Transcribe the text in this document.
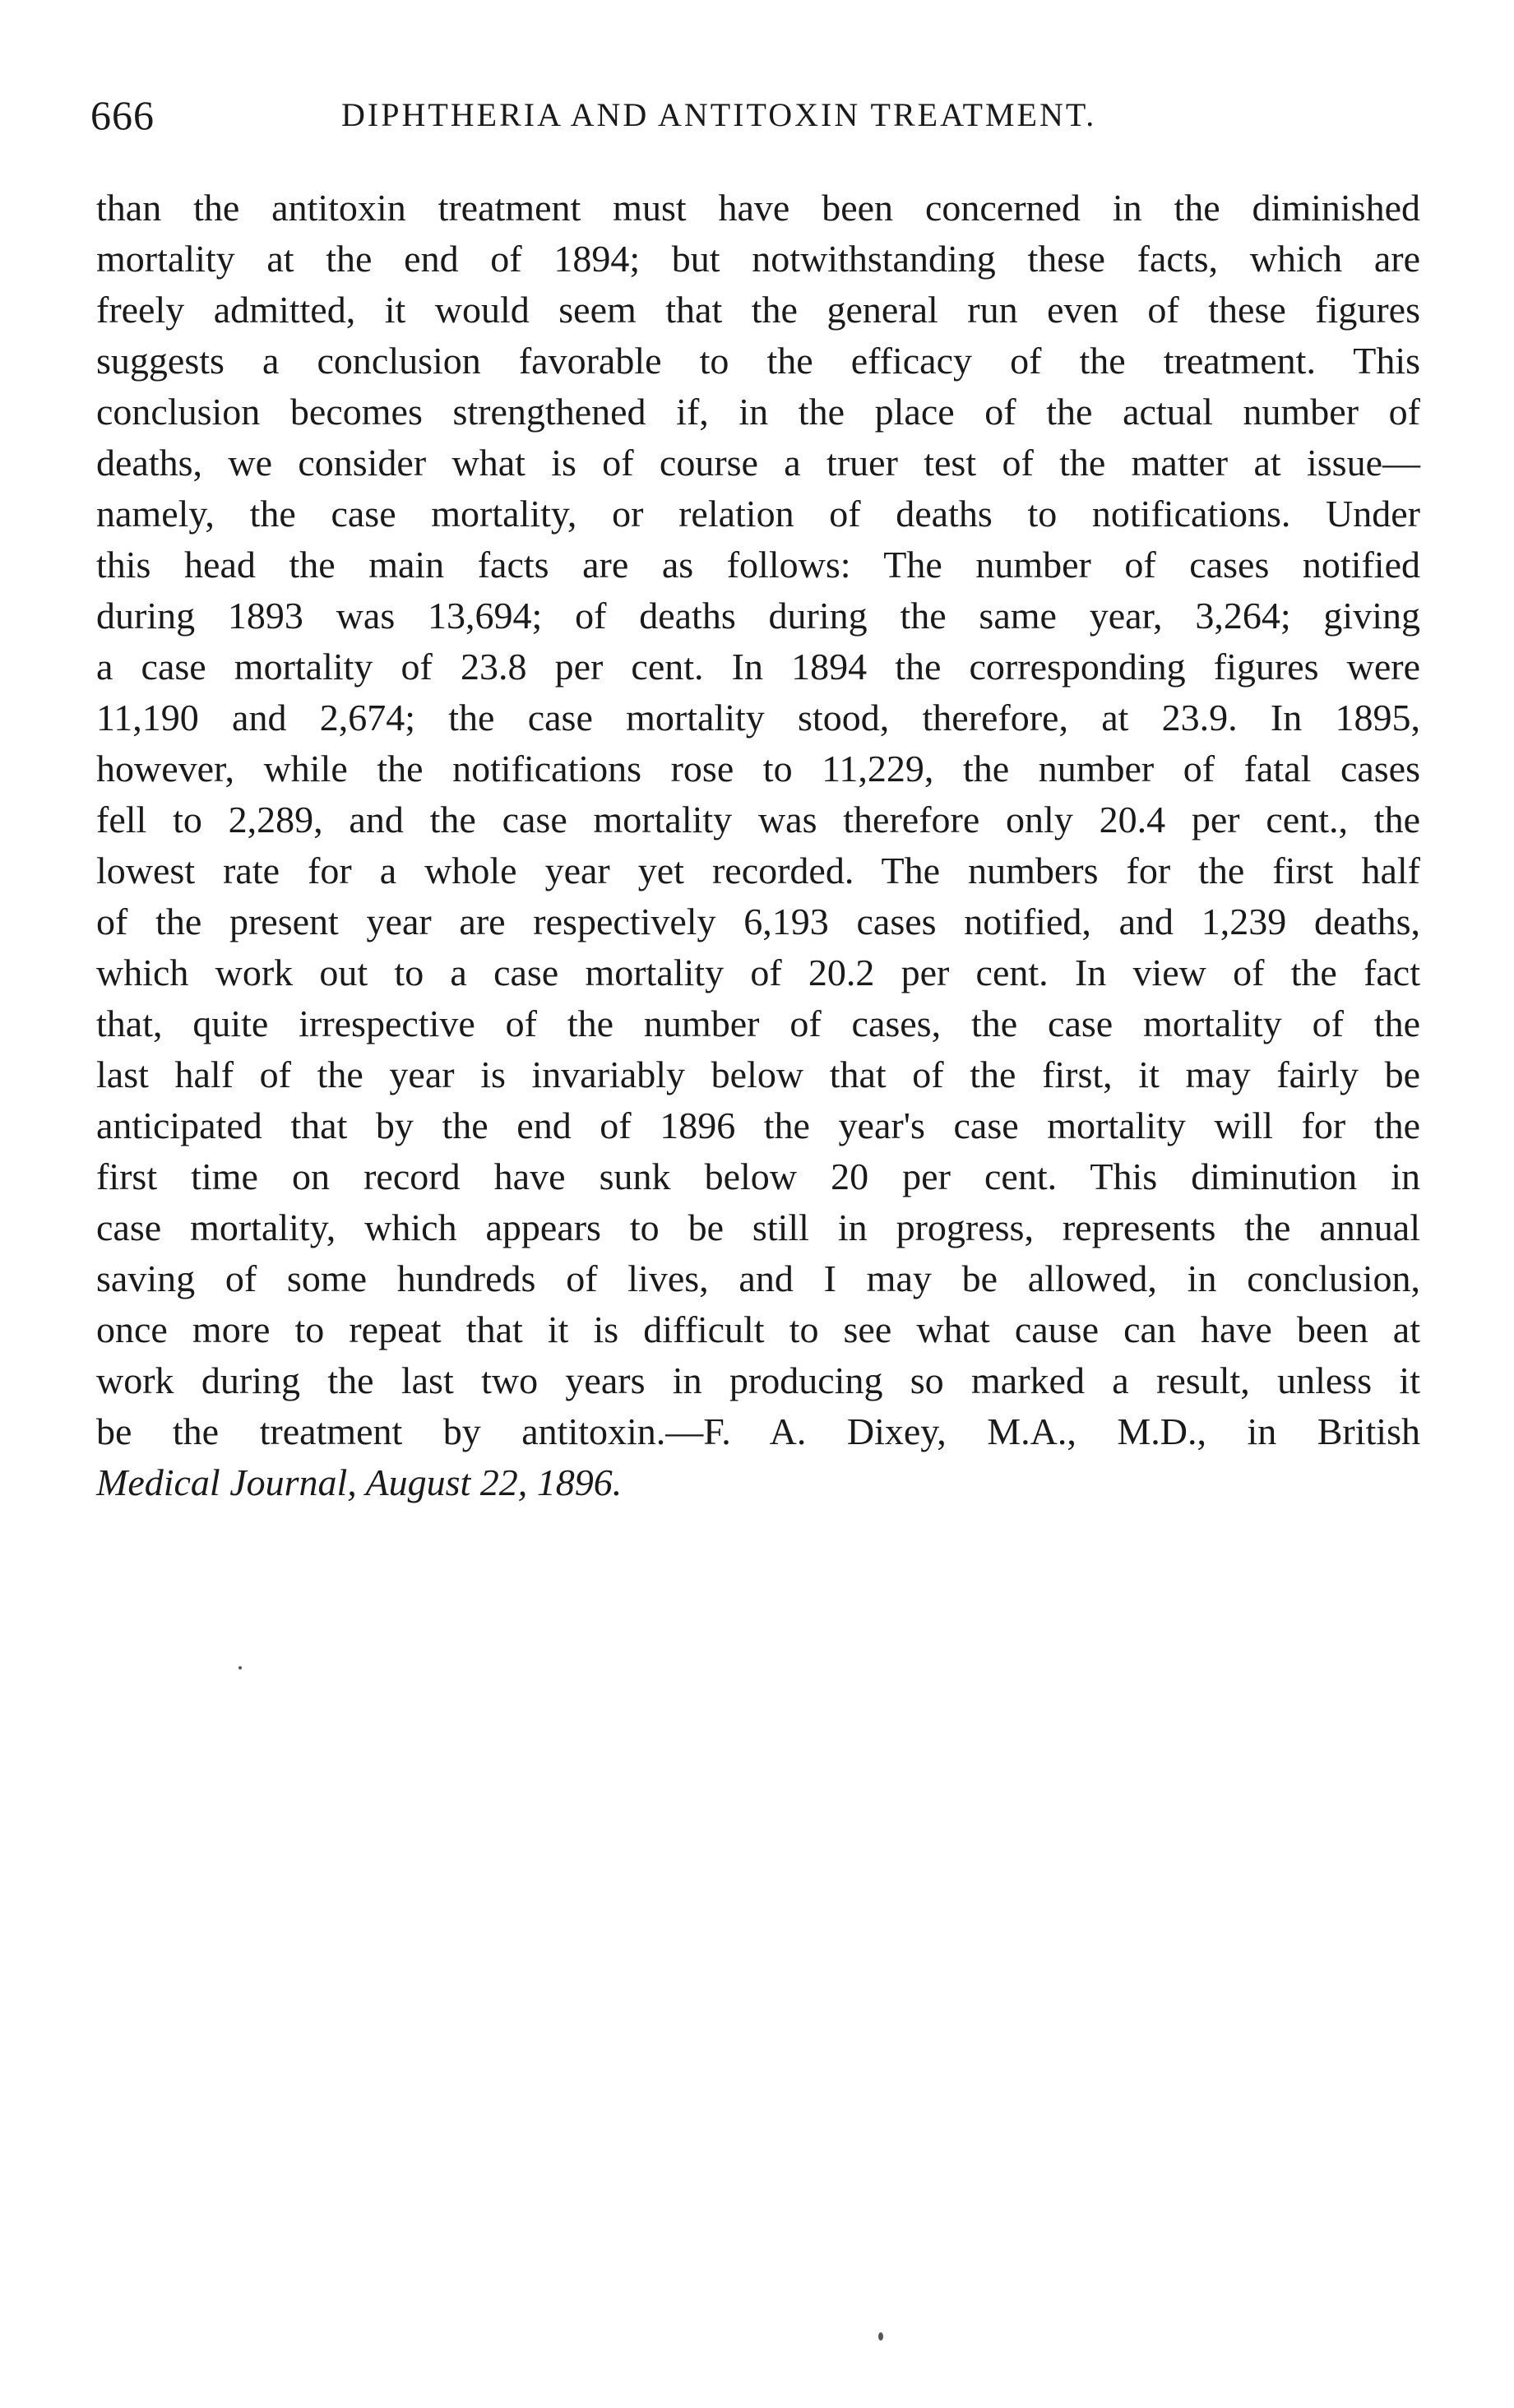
666	DIPHTHERIA AND ANTITOXIN TREATMENT.
than the antitoxin treatment must have been concerned in the diminished
mortality at the end of 1894; but notwithstanding these facts, which are
freely admitted, it would seem that the general run even of these figures
suggests a conclusion favorable to the efficacy of the treatment. This
conclusion becomes strengthened if, in the place of the actual number of
deaths, we consider what is of course a truer test of the matter at issue—
namely, the case mortality, or relation of deaths to notifications. Under
this head the main facts are as follows: The number of cases notified
during 1893 was 13,694; of deaths during the same year, 3,264; giving
a case mortality of 23.8 per cent. In 1894 the corresponding figures were
11,190 and 2,674; the case mortality stood, therefore, at 23.9. In 1895,
however, while the notifications rose to 11,229, the number of fatal cases
fell to 2,289, and the case mortality was therefore only 20.4 per cent., the
lowest rate for a whole year yet recorded. The numbers for the first half
of the present year are respectively 6,193 cases notified, and 1,239 deaths,
which work out to a case mortality of 20.2 per cent. In view of the fact
that, quite irrespective of the number of cases, the case mortality of the
last half of the year is invariably below that of the first, it may fairly be
anticipated that by the end of 1896 the year's case mortality will for the
first time on record have sunk below 20 per cent. This diminution in
case mortality, which appears to be still in progress, represents the annual
saving of some hundreds of lives, and I may be allowed, in conclusion,
once more to repeat that it is difficult to see what cause can have been at
work during the last two years in producing so marked a result, unless it
be the treatment by antitoxin.—F. A. Dixey, M.A., M.D., in British
Medical Journal, August 22, 1896.
